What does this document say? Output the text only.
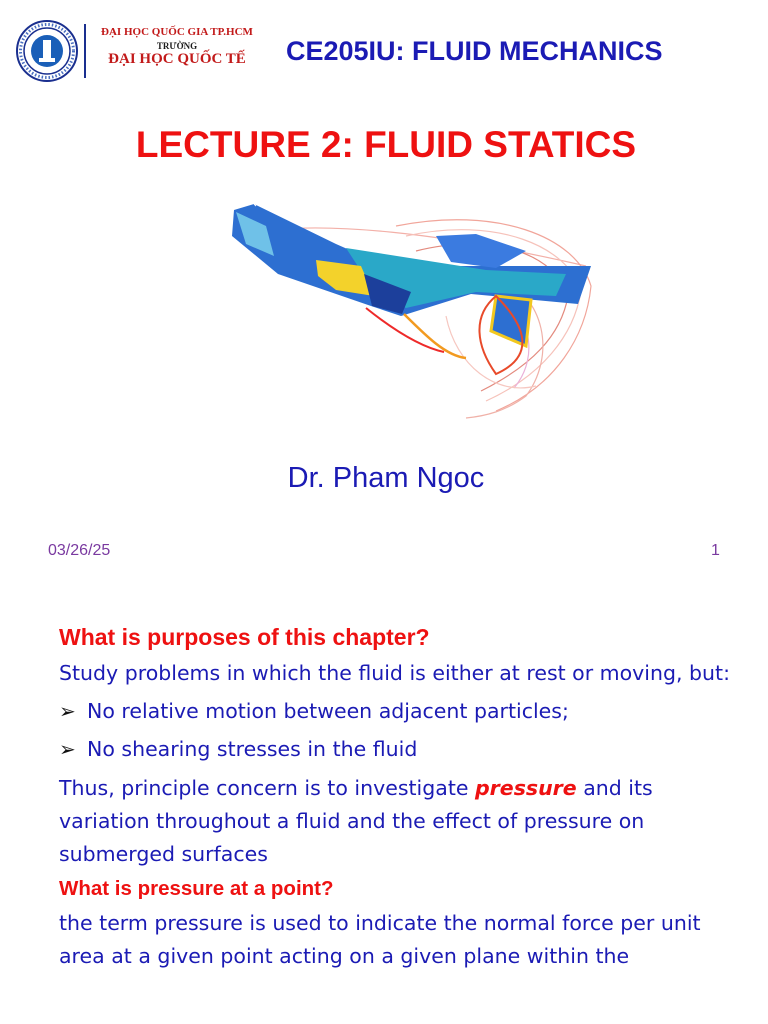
ĐẠI HỌC QUỐC GIA TP.HCM
TRƯỜNG
ĐẠI HỌC QUỐC TẾ	CE205IU: FLUID MECHANICS
LECTURE 2: FLUID STATICS
Dr. Pham Ngoc
03/26/25	1
What is purposes of this chapter?

Study problems in which the fluid is either at rest or moving, but:

➢ No relative motion between adjacent particles;
➢ No shearing stresses in the fluid

Thus, principle concern is to investigate pressure and its variation throughout a fluid and the effect of pressure on submerged surfaces

What is pressure at a point?

the term pressure is used to indicate the normal force per unit area at a given point acting on a given plane within the
